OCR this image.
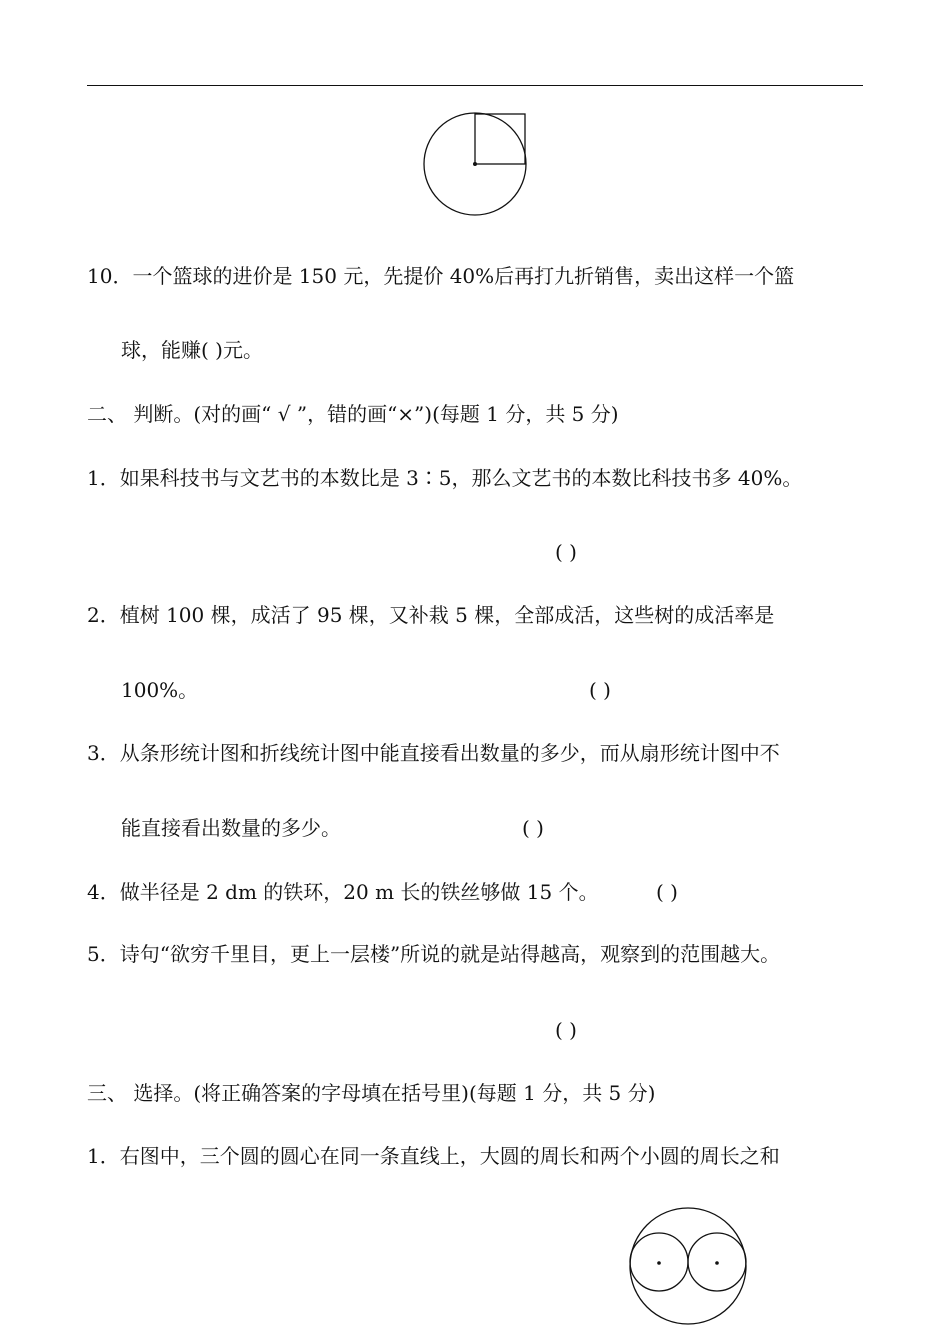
10．一个篮球的进价是 150 元，先提价 40%后再打九折销售，卖出这样一个篮
球，能赚( )元。
二、 判断。(对的画“ √ ”，错的画“×”)(每题 1 分，共 5 分)
1．如果科技书与文艺书的本数比是 3∶5，那么文艺书的本数比科技书多 40%。
( )
2．植树 100 棵，成活了 95 棵，又补栽 5 棵，全部成活，这些树的成活率是
100%。	( )
3．从条形统计图和折线统计图中能直接看出数量的多少，而从扇形统计图中不
能直接看出数量的多少。	( )
4．做半径是 2 dm 的铁环，20 m 长的铁丝够做 15 个。	( )
5．诗句“欲穷千里目，更上一层楼”所说的就是站得越高，观察到的范围越大。
( )
三、 选择。(将正确答案的字母填在括号里)(每题 1 分，共 5 分)
1．右图中，三个圆的圆心在同一条直线上，大圆的周长和两个小圆的周长之和
